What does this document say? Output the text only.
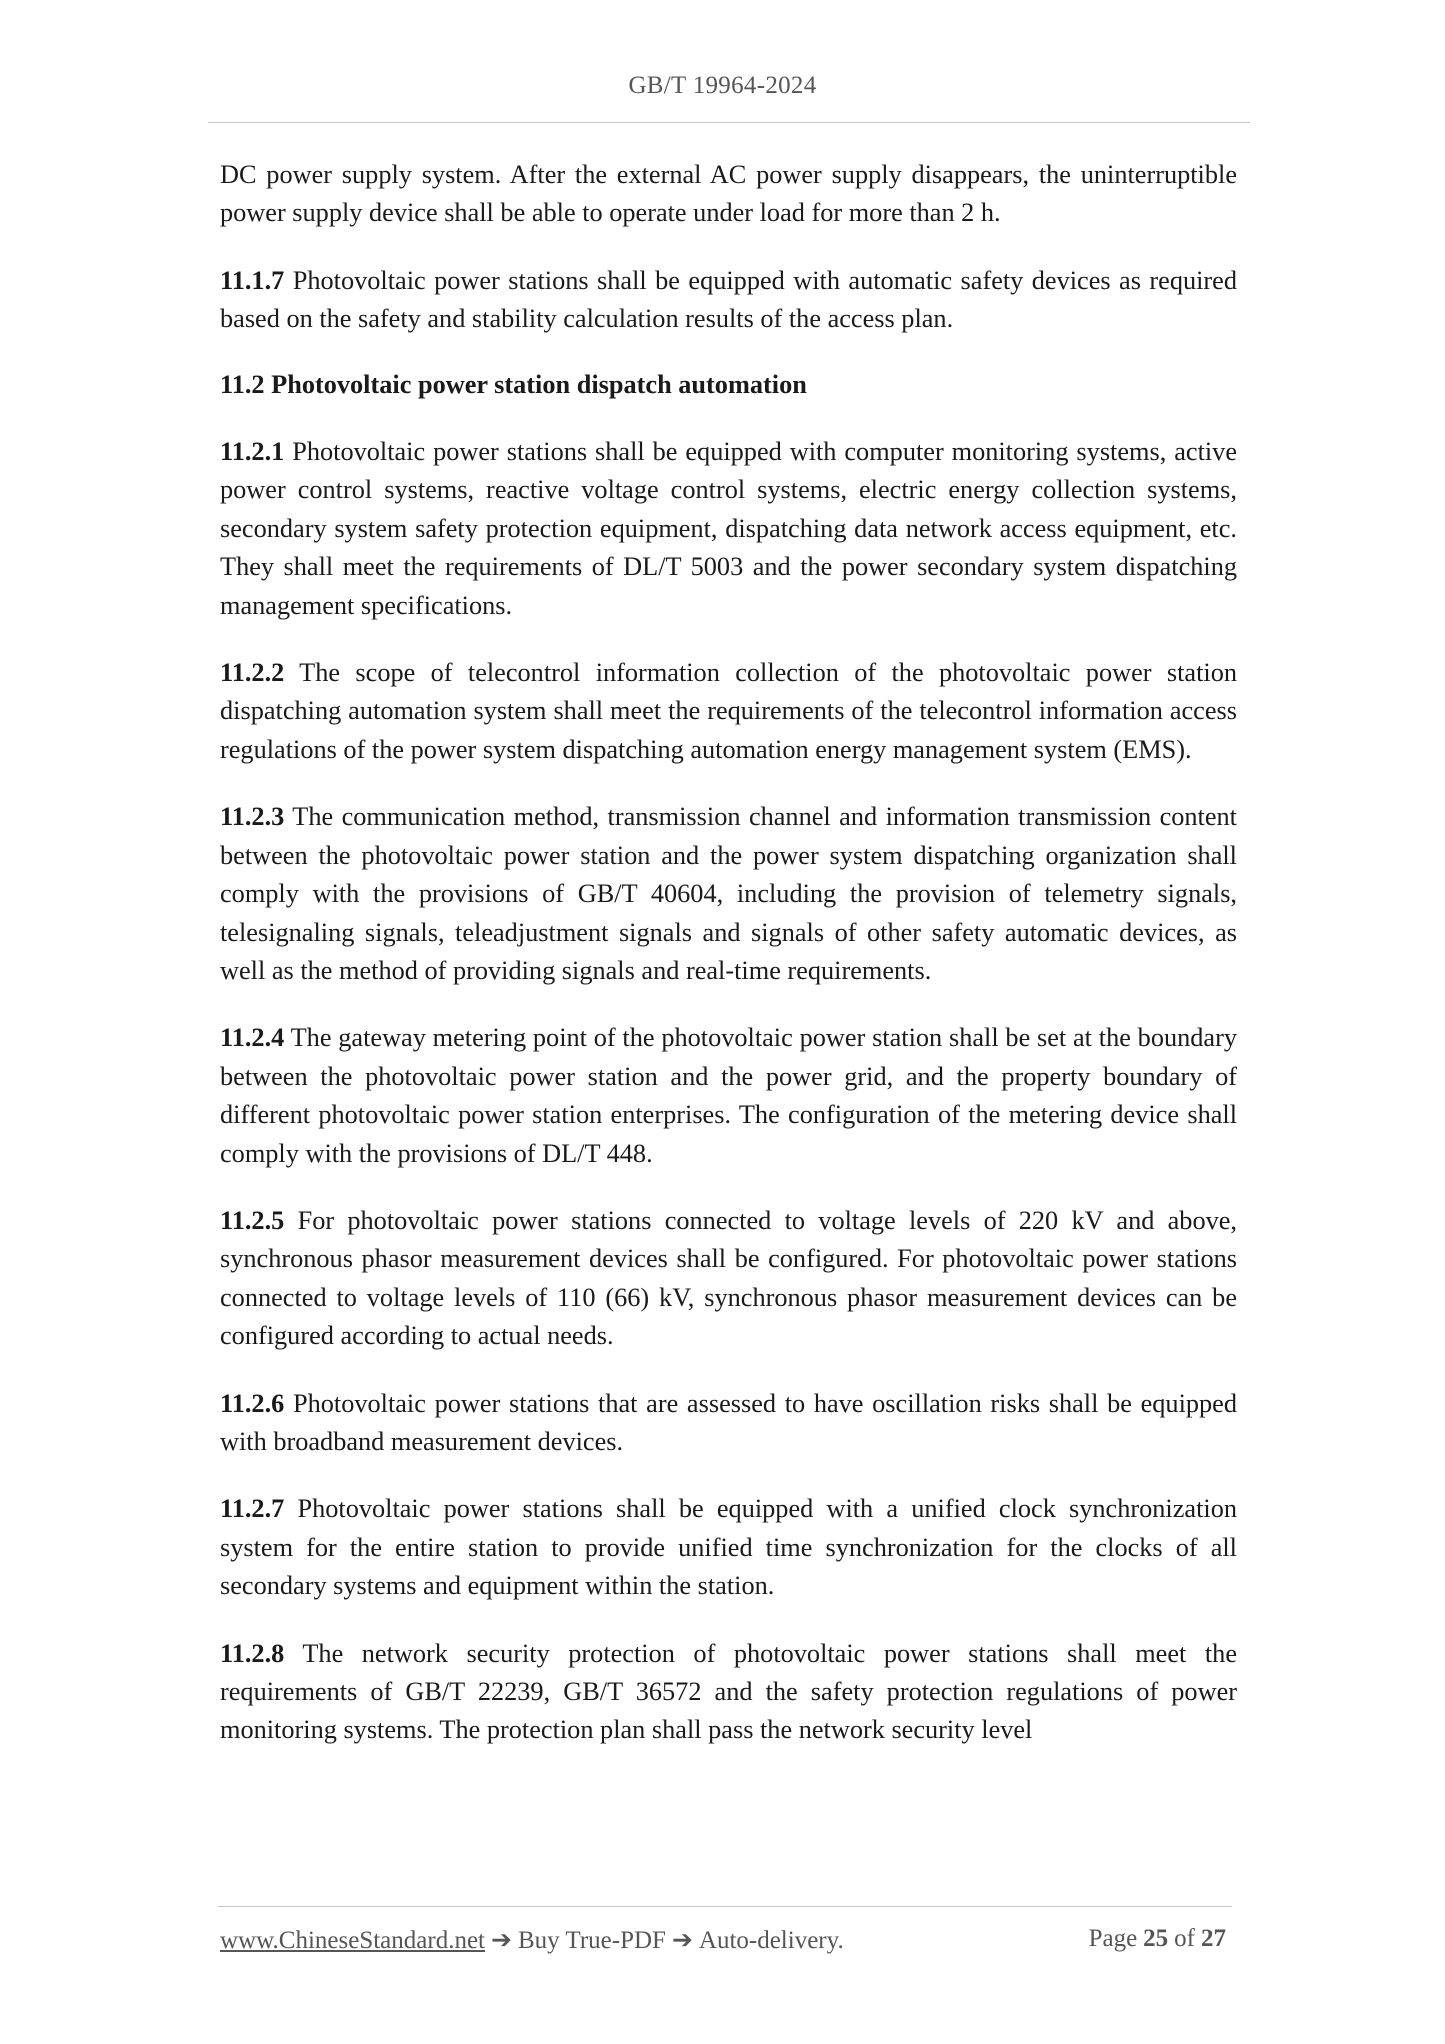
GB/T 19964-2024

DC power supply system. After the external AC power supply disappears, the uninterruptible power supply device shall be able to operate under load for more than 2 h.

11.1.7 Photovoltaic power stations shall be equipped with automatic safety devices as required based on the safety and stability calculation results of the access plan.

11.2 Photovoltaic power station dispatch automation

11.2.1 Photovoltaic power stations shall be equipped with computer monitoring systems, active power control systems, reactive voltage control systems, electric energy collection systems, secondary system safety protection equipment, dispatching data network access equipment, etc. They shall meet the requirements of DL/T 5003 and the power secondary system dispatching management specifications.

11.2.2 The scope of telecontrol information collection of the photovoltaic power station dispatching automation system shall meet the requirements of the telecontrol information access regulations of the power system dispatching automation energy management system (EMS).

11.2.3 The communication method, transmission channel and information transmission content between the photovoltaic power station and the power system dispatching organization shall comply with the provisions of GB/T 40604, including the provision of telemetry signals, telesignaling signals, teleadjustment signals and signals of other safety automatic devices, as well as the method of providing signals and real-time requirements.

11.2.4 The gateway metering point of the photovoltaic power station shall be set at the boundary between the photovoltaic power station and the power grid, and the property boundary of different photovoltaic power station enterprises. The configuration of the metering device shall comply with the provisions of DL/T 448.

11.2.5 For photovoltaic power stations connected to voltage levels of 220 kV and above, synchronous phasor measurement devices shall be configured. For photovoltaic power stations connected to voltage levels of 110 (66) kV, synchronous phasor measurement devices can be configured according to actual needs.

11.2.6 Photovoltaic power stations that are assessed to have oscillation risks shall be equipped with broadband measurement devices.

11.2.7 Photovoltaic power stations shall be equipped with a unified clock synchronization system for the entire station to provide unified time synchronization for the clocks of all secondary systems and equipment within the station.

11.2.8 The network security protection of photovoltaic power stations shall meet the requirements of GB/T 22239, GB/T 36572 and the safety protection regulations of power monitoring systems. The protection plan shall pass the network security level

www.ChineseStandard.net ➔ Buy True-PDF ➔ Auto-delivery.	Page 25 of 27
